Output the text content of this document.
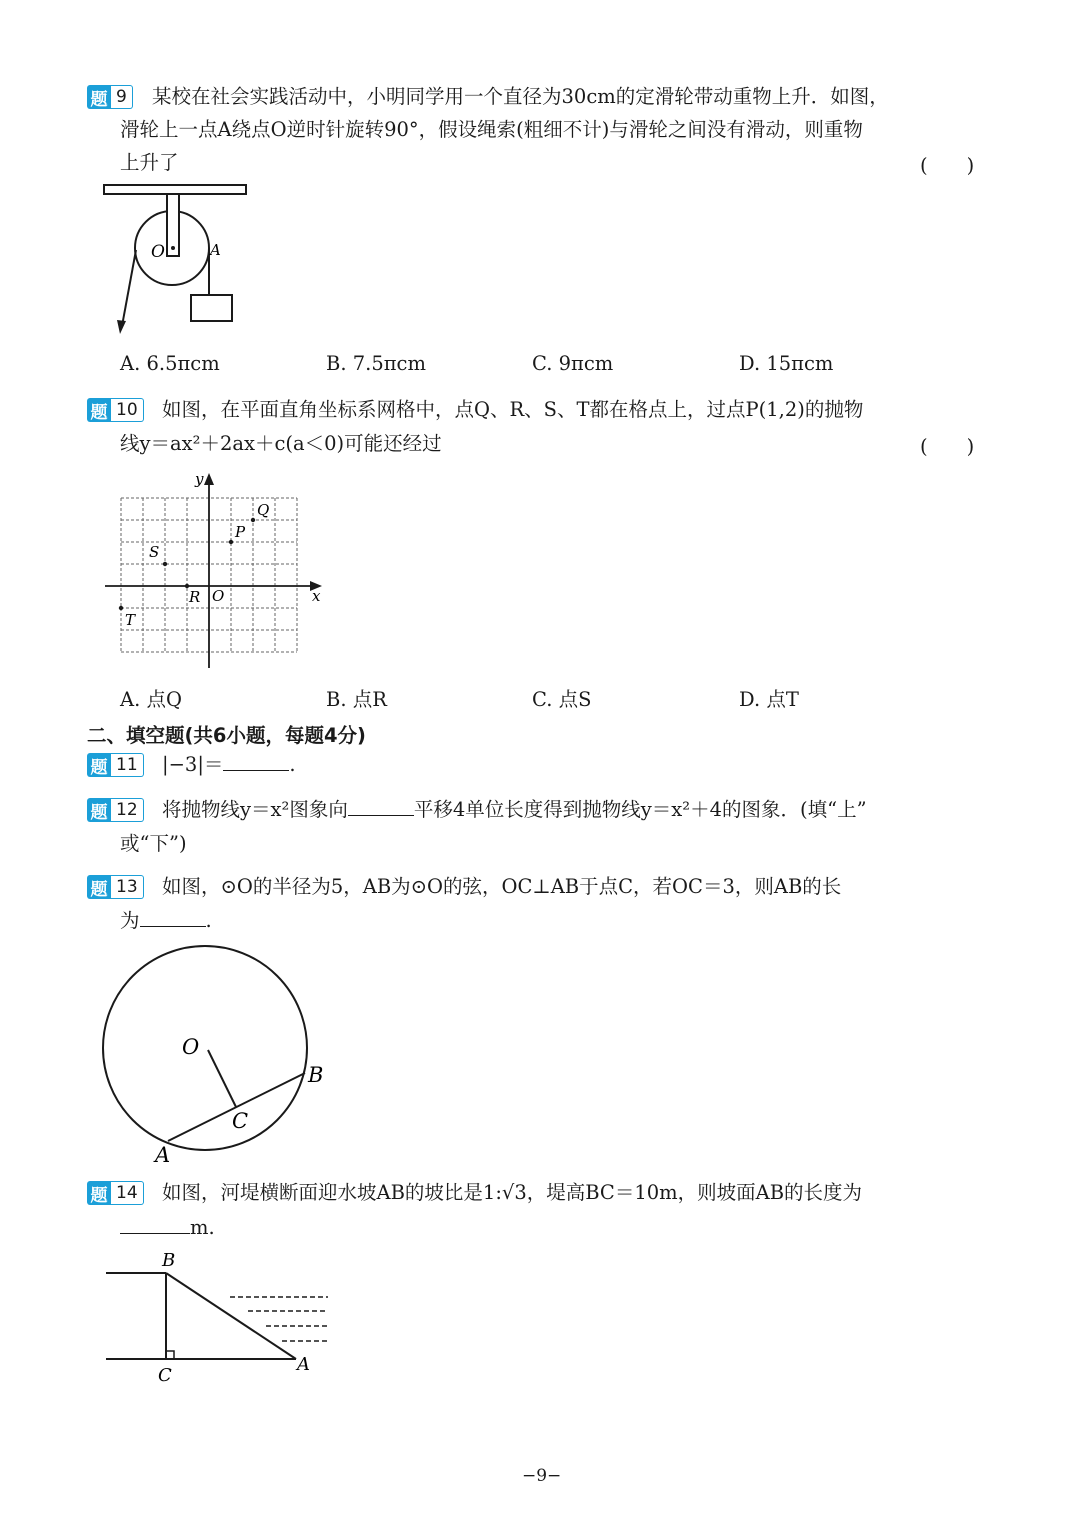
题 9	某校在社会实践活动中，小明同学用一个直径为30cm的定滑轮带动重物上升．如图，
滑轮上一点A绕点O逆时针旋转90°，假设绳索(粗细不计)与滑轮之间没有滑动，则重物
上升了	(　　)
O	A
A. 6.5πcm	B. 7.5πcm	C. 9πcm	D. 15πcm
题 10	如图，在平面直角坐标系网格中，点Q、R、S、T都在格点上，过点P(1,2)的抛物
线y＝ax²＋2ax＋c(a＜0)可能还经过	(　　)
y
x
O
P
Q
S
R
T
A. 点Q	B. 点R	C. 点S	D. 点T
二、填空题(共6小题，每题4分)
题 11	|−3|＝	.
题 12	将抛物线y＝x²图象向	平移4单位长度得到抛物线y＝x²＋4的图象．(填“上”
或“下”)
题 13	如图，⊙O的半径为5，AB为⊙O的弦，OC⊥AB于点C，若OC＝3，则AB的长
为	.
O
B
C
A
题 14	如图，河堤横断面迎水坡AB的坡比是1:√3，堤高BC＝10m，则坡面AB的长度为
m.
B
C
A
−9−
